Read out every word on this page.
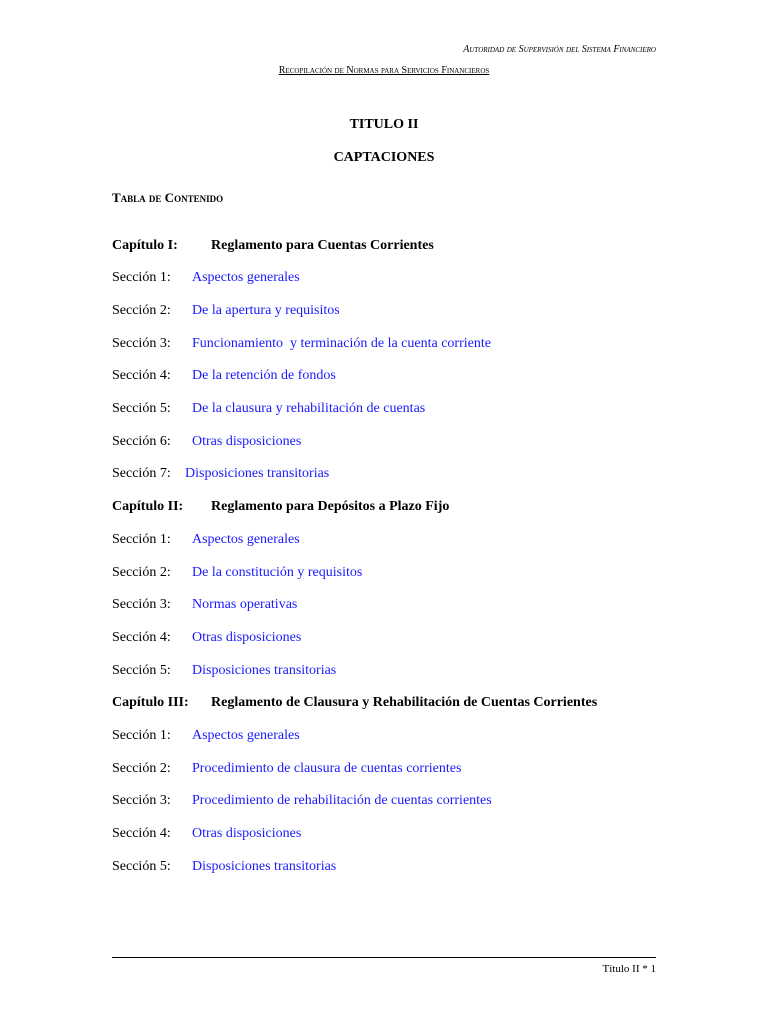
Autoridad de Supervisión del Sistema Financiero
Recopilación de Normas para Servicios Financieros
TITULO II
CAPTACIONES
Tabla de Contenido
Capítulo I: Reglamento para Cuentas Corrientes
Sección 1: Aspectos generales
Sección 2: De la apertura y requisitos
Sección 3: Funcionamiento  y terminación de la cuenta corriente
Sección 4: De la retención de fondos
Sección 5: De la clausura y rehabilitación de cuentas
Sección 6: Otras disposiciones
Sección 7: Disposiciones transitorias
Capítulo II: Reglamento para Depósitos a Plazo Fijo
Sección 1: Aspectos generales
Sección 2: De la constitución y requisitos
Sección 3: Normas operativas
Sección 4: Otras disposiciones
Sección 5: Disposiciones transitorias
Capítulo III: Reglamento de Clausura y Rehabilitación de Cuentas Corrientes
Sección 1: Aspectos generales
Sección 2: Procedimiento de clausura de cuentas corrientes
Sección 3: Procedimiento de rehabilitación de cuentas corrientes
Sección 4: Otras disposiciones
Sección 5: Disposiciones transitorias
Título II * 1
